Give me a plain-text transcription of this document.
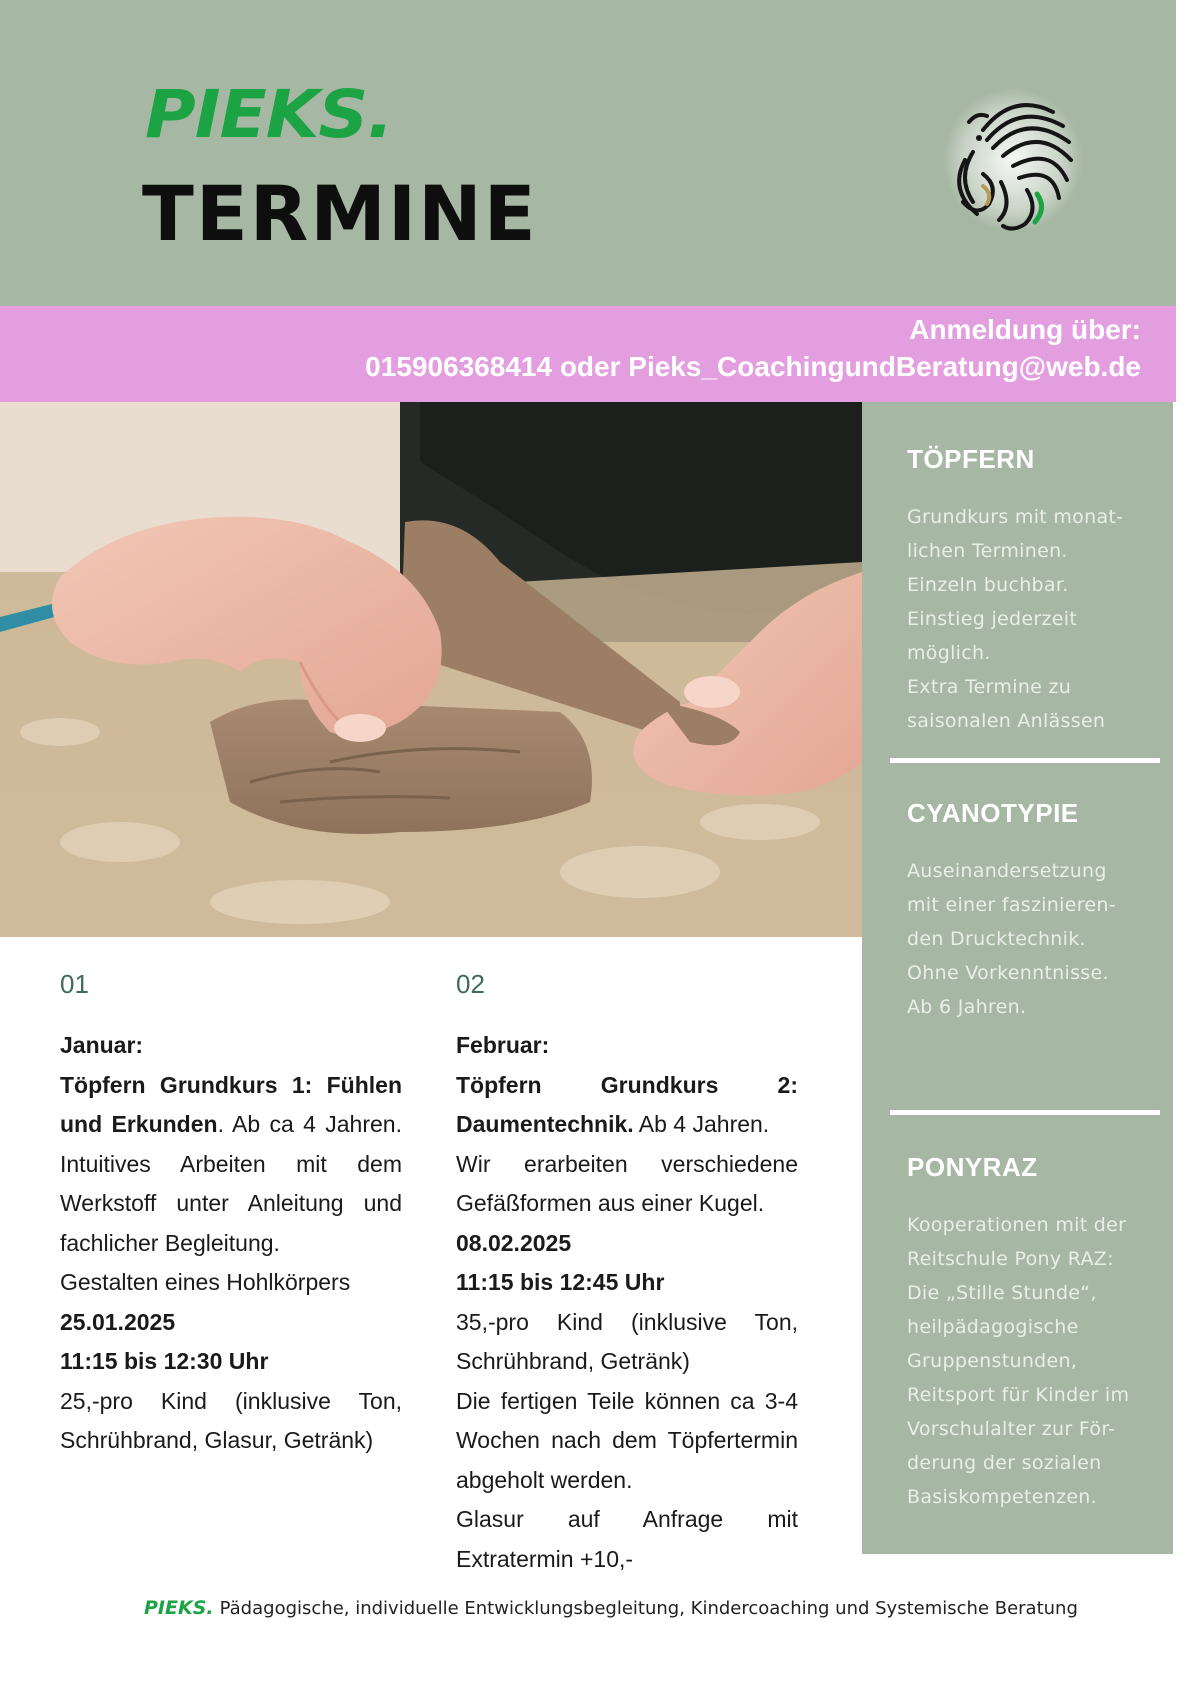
PIEKS.
TERMINE
Anmeldung über:
015906368414 oder Pieks_CoachingundBeratung@web.de
TÖPFERN
Grundkurs mit monat-
lichen Terminen.
Einzeln buchbar.
Einstieg jederzeit
möglich.
Extra Termine zu
saisonalen Anlässen
CYANOTYPIE
Auseinandersetzung
mit einer faszinieren-
den Drucktechnik.
Ohne Vorkenntnisse.
Ab 6 Jahren.
PONYRAZ
Kooperationen mit der
Reitschule Pony RAZ:
Die „Stille Stunde“,
heilpädagogische
Gruppenstunden,
Reitsport für Kinder im
Vorschulalter zur För-
derung der sozialen
Basiskompetenzen.

01

Januar:

Töpfern Grundkurs 1: Fühlen und Erkunden. Ab ca 4 Jahren. Intuitives Arbeiten mit dem Werkstoff unter Anleitung und fachlicher Begleitung.

Gestalten eines Hohlkörpers

25.01.2025

11:15 bis 12:30 Uhr

25,-pro Kind (inklusive Ton, Schrühbrand, Glasur, Getränk)

02

Februar:

Töpfern Grundkurs 2: Daumentechnik. Ab 4 Jahren.

Wir erarbeiten verschiedene Gefäßformen aus einer Kugel.

08.02.2025

11:15 bis 12:45 Uhr

35,-pro Kind (inklusive Ton, Schrühbrand, Getränk)

Die fertigen Teile können ca 3-4 Wochen nach dem Töpfertermin abgeholt werden.

Glasur auf Anfrage mit Extratermin +10,-

PIEKS. Pädagogische, individuelle Entwicklungsbegleitung, Kindercoaching und Systemische Beratung
